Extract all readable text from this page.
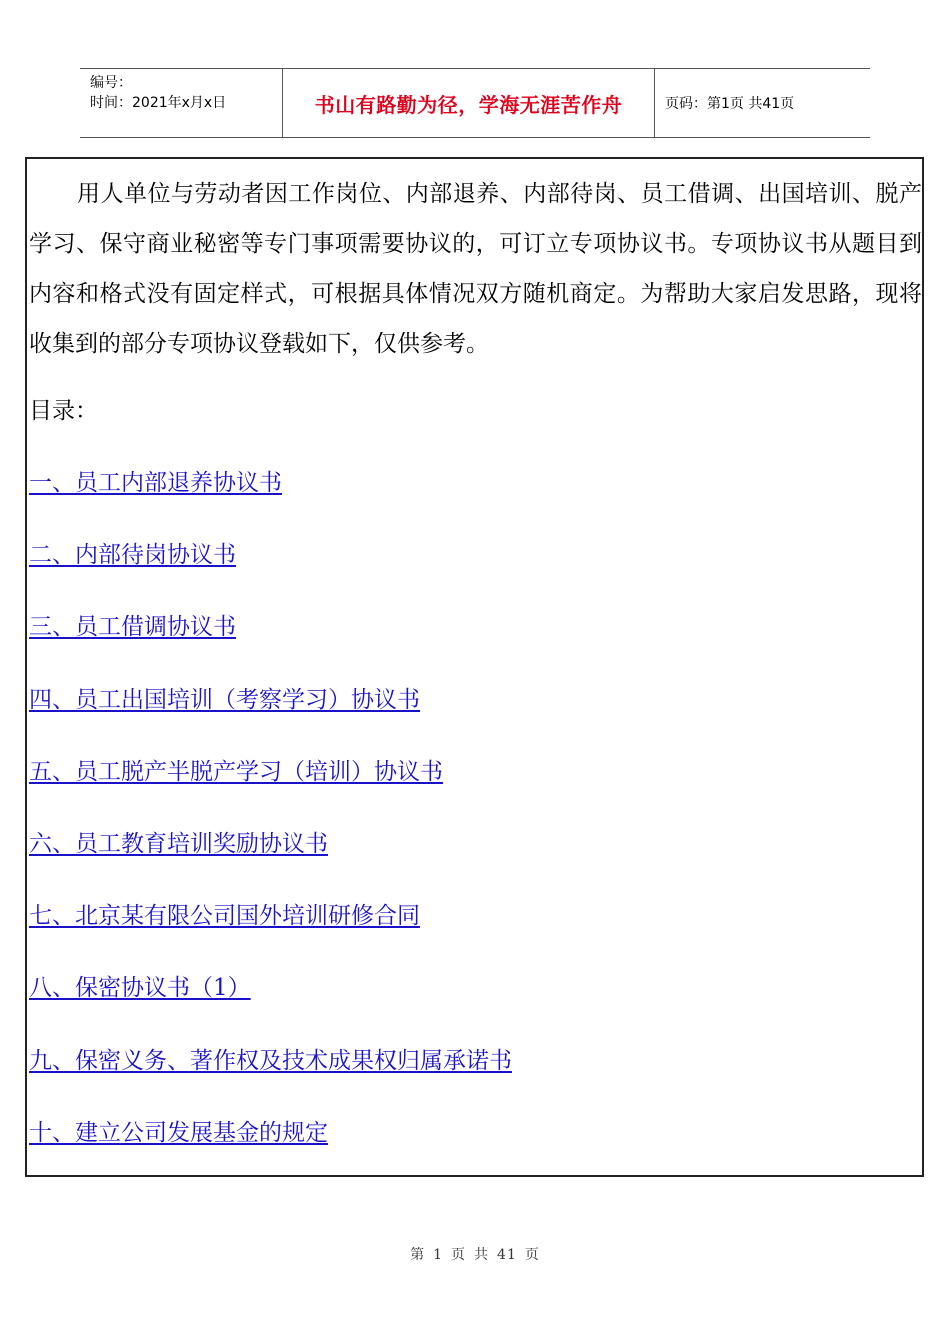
编号：
时间：2021年x月x日	书山有路勤为径，学海无涯苦作舟	页码：第1页 共41页

用人单位与劳动者因工作岗位、内部退养、内部待岗、员工借调、出国培训、脱产学习、保守商业秘密等专门事项需要协议的，可订立专项协议书。专项协议书从题目到内容和格式没有固定样式，可根据具体情况双方随机商定。为帮助大家启发思路，现将收集到的部分专项协议登载如下，仅供参考。

目录：

一、员工内部退养协议书
二、内部待岗协议书
三、员工借调协议书
四、员工出国培训（考察学习）协议书
五、员工脱产半脱产学习（培训）协议书
六、员工教育培训奖励协议书
七、北京某有限公司国外培训研修合同
八、保密协议书（1）
九、保密义务、著作权及技术成果权归属承诺书
十、建立公司发展基金的规定
第 1 页 共 41 页
